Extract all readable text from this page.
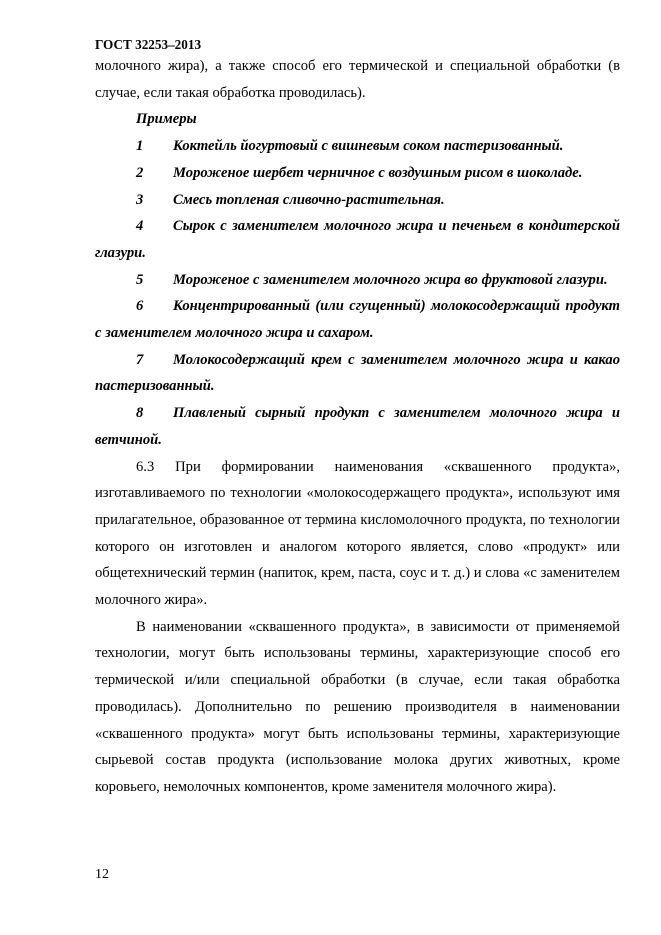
ГОСТ 32253–2013

молочного жира), а также способ его термической и специальной обработки (в случае, если такая обработка проводилась).

Примеры

1 Коктейль йогуртовый с вишневым соком пастеризованный.

2 Мороженое шербет черничное с воздушным рисом в шоколаде.

3 Смесь топленая сливочно-растительная.

4 Сырок с заменителем молочного жира и печеньем в кондитерской глазури.

5 Мороженое с заменителем молочного жира во фруктовой глазури.

6 Концентрированный (или сгущенный) молокосодержащий продукт с заменителем молочного жира и сахаром.

7 Молокосодержащий крем с заменителем молочного жира и какао пастеризованный.

8 Плавленый сырный продукт с заменителем молочного жира и ветчиной.

6.3 При формировании наименования «сквашенного продукта», изготавливаемого по технологии «молокосодержащего продукта», используют имя прилагательное, образованное от термина кисломолочного продукта, по технологии которого он изготовлен и аналогом которого является, слово «продукт» или общетехнический термин (напиток, крем, паста, соус и т. д.) и слова «с заменителем молочного жира».

В наименовании «сквашенного продукта», в зависимости от применяемой технологии, могут быть использованы термины, характеризующие способ его термической и/или специальной обработки (в случае, если такая обработка проводилась). Дополнительно по решению производителя в наименовании «сквашенного продукта» могут быть использованы термины, характеризующие сырьевой состав продукта (использование молока других животных, кроме коровьего, немолочных компонентов, кроме заменителя молочного жира).

12
